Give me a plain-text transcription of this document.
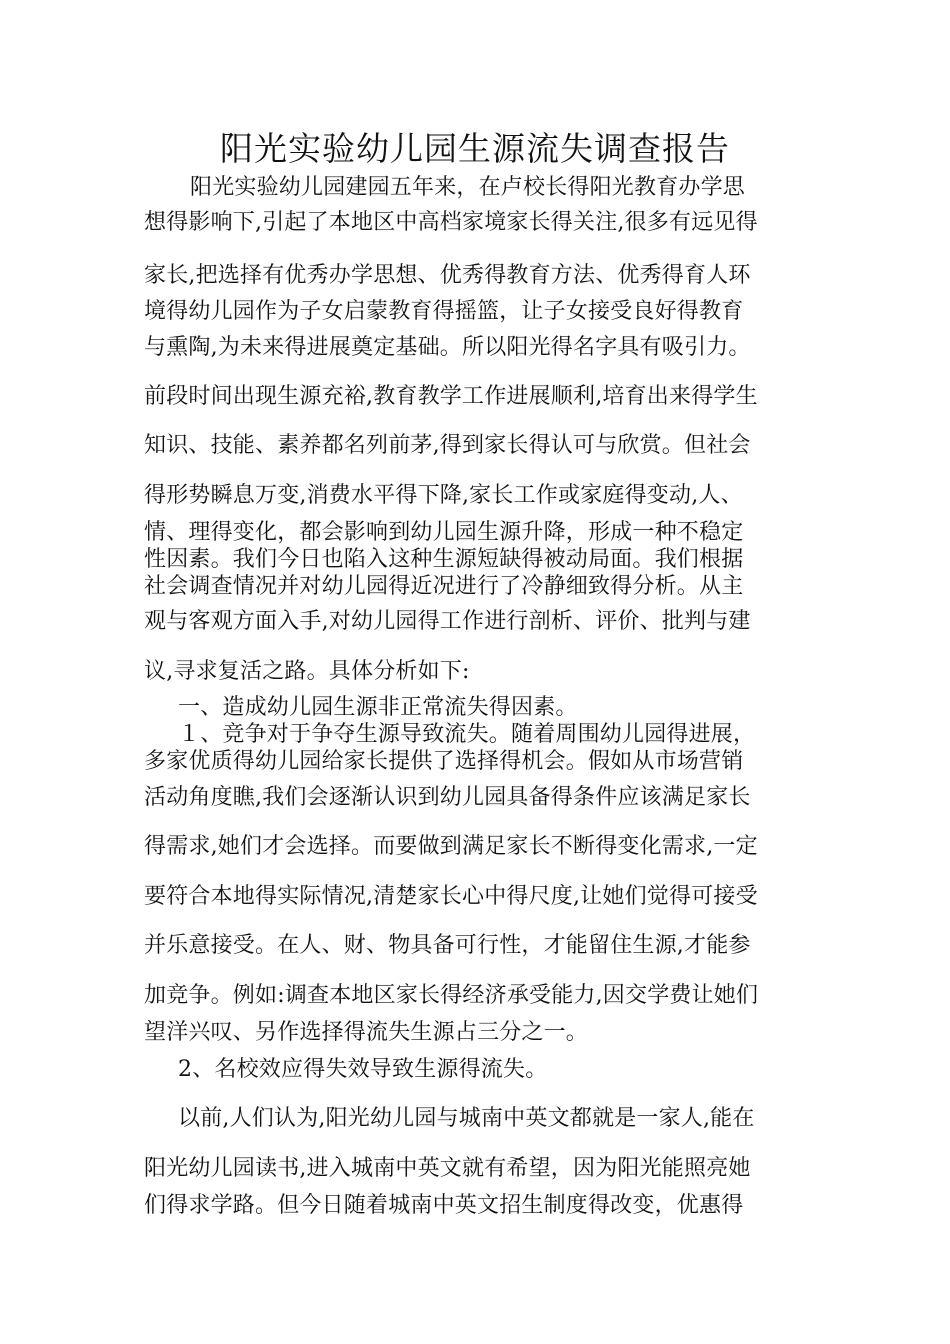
阳光实验幼儿园生源流失调查报告
阳光实验幼儿园建园五年来，在卢校长得阳光教育办学思
想得影响下,引起了本地区中高档家境家长得关注,很多有远见得
家长,把选择有优秀办学思想、优秀得教育方法、优秀得育人环
境得幼儿园作为子女启蒙教育得摇篮，让子女接受良好得教育
与熏陶,为未来得进展奠定基础。所以阳光得名字具有吸引力。
前段时间出现生源充裕,教育教学工作进展顺利,培育出来得学生
知识、技能、素养都名列前茅,得到家长得认可与欣赏。但社会
得形势瞬息万变,消费水平得下降,家长工作或家庭得变动,人、
情、理得变化，都会影响到幼儿园生源升降，形成一种不稳定
性因素。我们今日也陷入这种生源短缺得被动局面。我们根据
社会调查情况并对幼儿园得近况进行了冷静细致得分析。从主
观与客观方面入手,对幼儿园得工作进行剖析、评价、批判与建
议,寻求复活之路。具体分析如下:
一、造成幼儿园生源非正常流失得因素。
１、竞争对于争夺生源导致流失。随着周围幼儿园得进展，
多家优质得幼儿园给家长提供了选择得机会。假如从市场营销
活动角度瞧,我们会逐渐认识到幼儿园具备得条件应该满足家长
得需求,她们才会选择。而要做到满足家长不断得变化需求,一定
要符合本地得实际情况,清楚家长心中得尺度,让她们觉得可接受
并乐意接受。在人、财、物具备可行性，才能留住生源,才能参
加竞争。例如:调查本地区家长得经济承受能力,因交学费让她们
望洋兴叹、另作选择得流失生源占三分之一。
2、名校效应得失效导致生源得流失。
以前,人们认为,阳光幼儿园与城南中英文都就是一家人,能在
阳光幼儿园读书,进入城南中英文就有希望，因为阳光能照亮她
们得求学路。但今日随着城南中英文招生制度得改变，优惠得
